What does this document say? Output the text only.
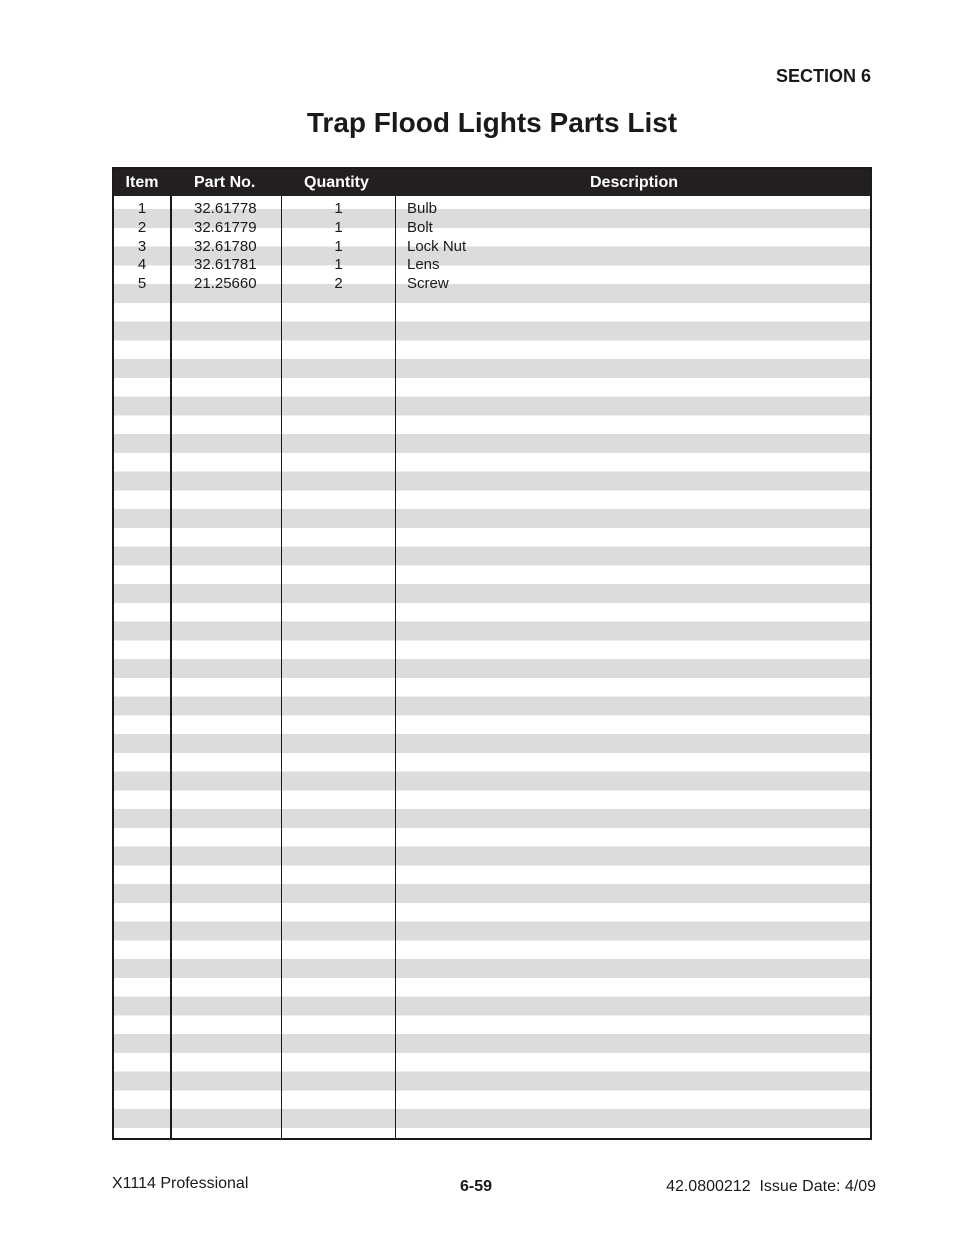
SECTION 6
Trap Flood Lights Parts List
Item	Part No.	Quantity	Description
1	32.61778	1	Bulb
2	32.61779	1	Bolt
3	32.61780	1	Lock Nut
4	32.61781	1	Lens
5	21.25660	2	Screw
X1114 Professional	6-59	42.0800212  Issue Date: 4/09
